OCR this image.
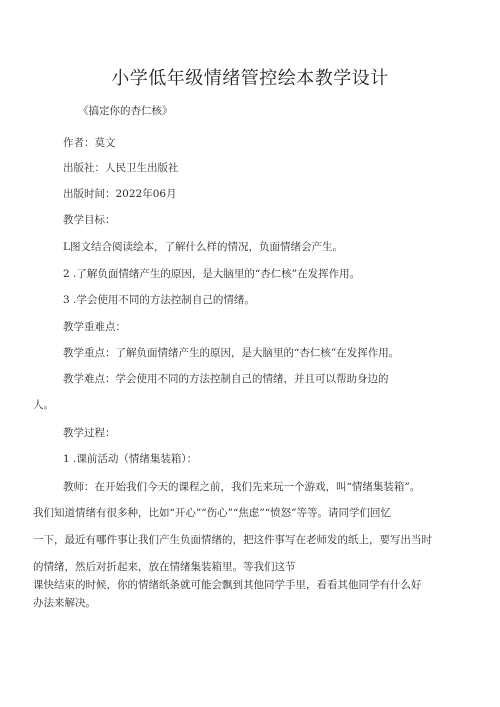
小学低年级情绪管控绘本教学设计
《搞定你的杏仁核》
作者：莫文
出版社：人民卫生出版社
出版时间：2022年06月
教学目标：
L图文结合阅读绘本，了解什么样的情况，负面情绪会产生。
2 .了解负面情绪产生的原因，是大脑里的“杏仁核”在发挥作用。
3 .学会使用不同的方法控制自己的情绪。
教学重难点：
教学重点：了解负面情绪产生的原因，是大脑里的“杏仁核”在发挥作用。
教学难点：学会使用不同的方法控制自己的情绪，并且可以帮助身边的
人。
教学过程：
1 .课前活动（情绪集装箱）：
教师：在开始我们今天的课程之前，我们先来玩一个游戏，叫“情绪集装箱”。
我们知道情绪有很多种，比如“开心”“伤心”“焦虑”“愤怒”等等。请同学们回忆
一下，最近有哪件事让我们产生负面情绪的，把这件事写在老师发的纸上，要写出当时
的情绪，然后对折起来，放在情绪集装箱里。等我们这节
课快结束的时候，你的情绪纸条就可能会飘到其他同学手里，看看其他同学有什么好
办法来解决。
